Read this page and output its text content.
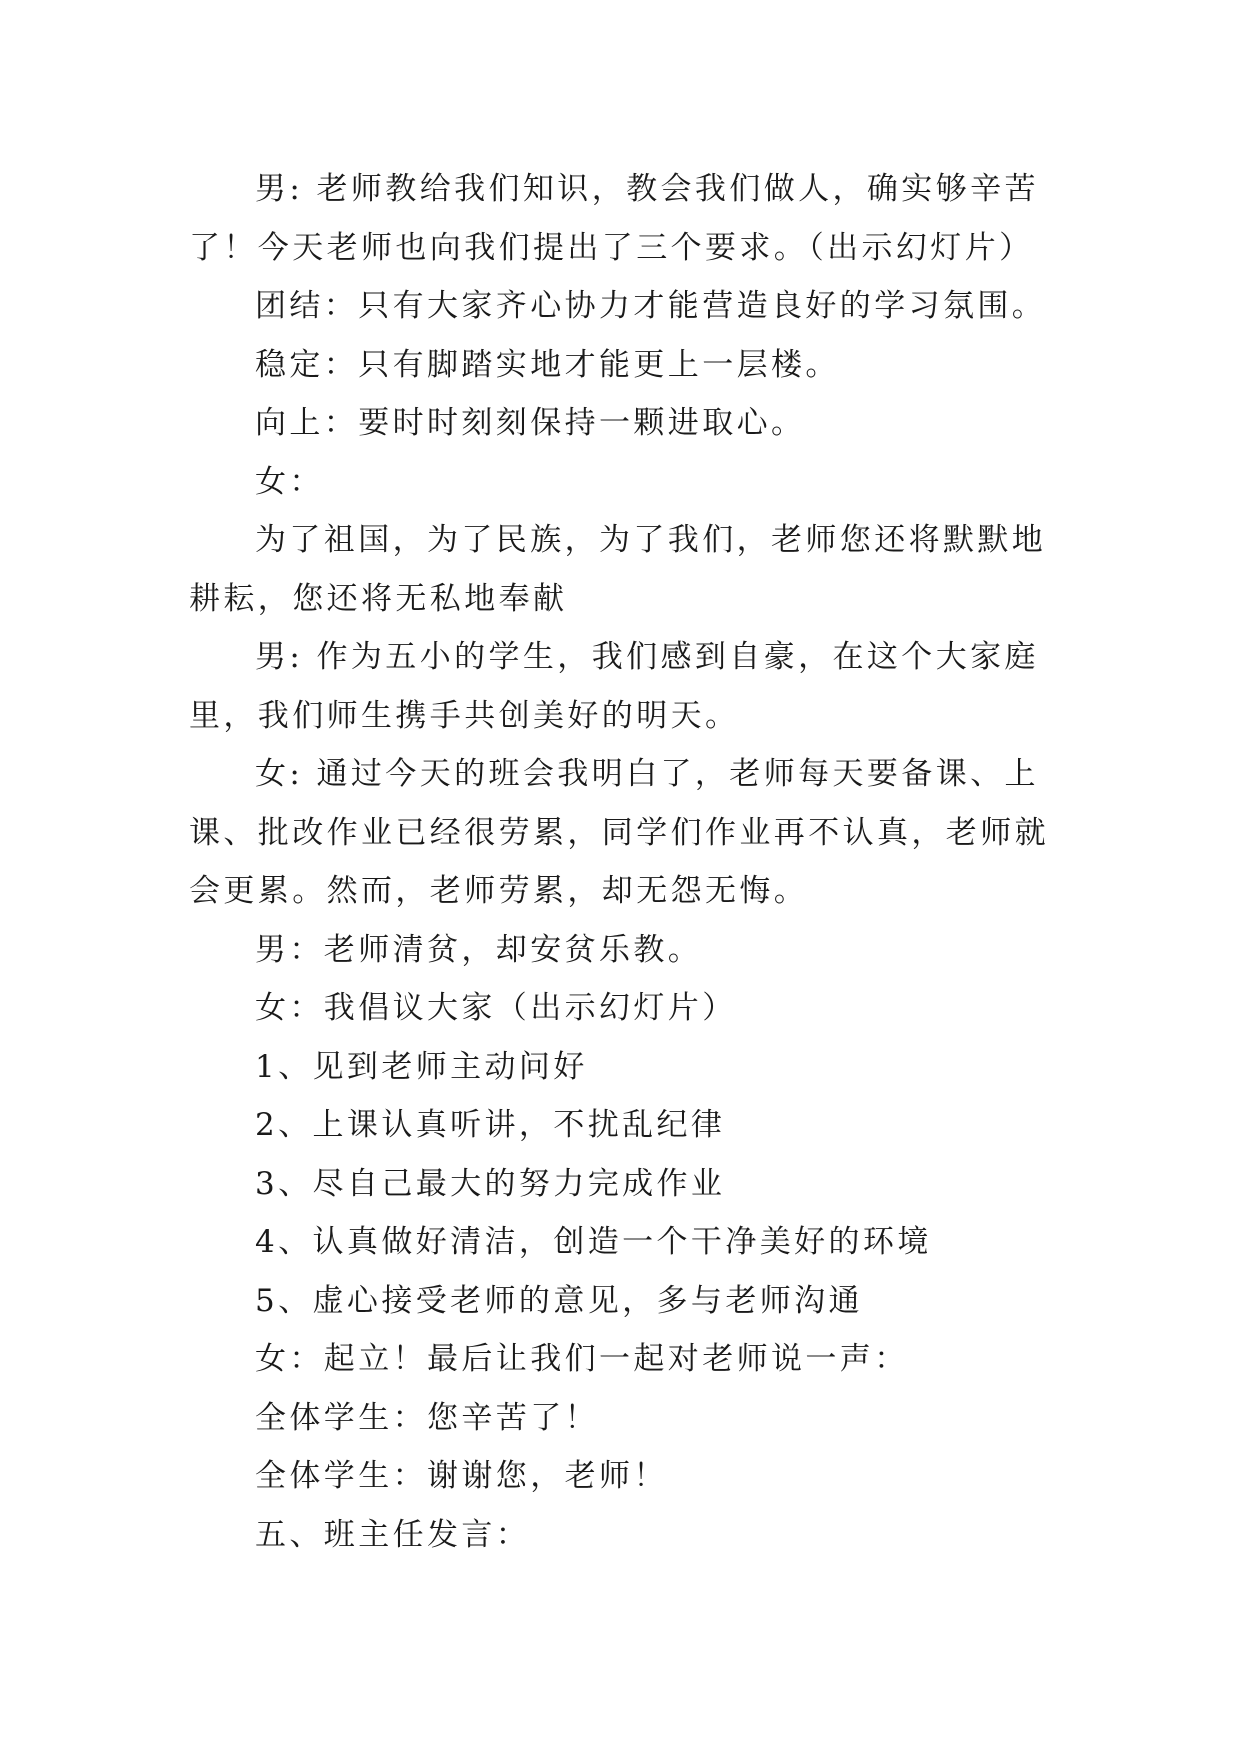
男: 老师教给我们知识，教会我们做人，确实够辛苦了！今天老师也向我们提出了三个要求。（出示幻灯片）

团结：只有大家齐心协力才能营造良好的学习氛围。

稳定：只有脚踏实地才能更上一层楼。

向上：要时时刻刻保持一颗进取心。

女：

为了祖国，为了民族，为了我们，老师您还将默默地耕耘，您还将无私地奉献

男: 作为五小的学生，我们感到自豪，在这个大家庭里，我们师生携手共创美好的明天。

女: 通过今天的班会我明白了，老师每天要备课、上课、批改作业已经很劳累，同学们作业再不认真，老师就会更累。然而，老师劳累，却无怨无悔。

男：老师清贫，却安贫乐教。

女：我倡议大家（出示幻灯片）

1、见到老师主动问好

2、上课认真听讲，不扰乱纪律

3、尽自己最大的努力完成作业

4、认真做好清洁，创造一个干净美好的环境

5、虚心接受老师的意见，多与老师沟通

女：起立！最后让我们一起对老师说一声：

全体学生：您辛苦了！

全体学生：谢谢您，老师！

五、班主任发言：
